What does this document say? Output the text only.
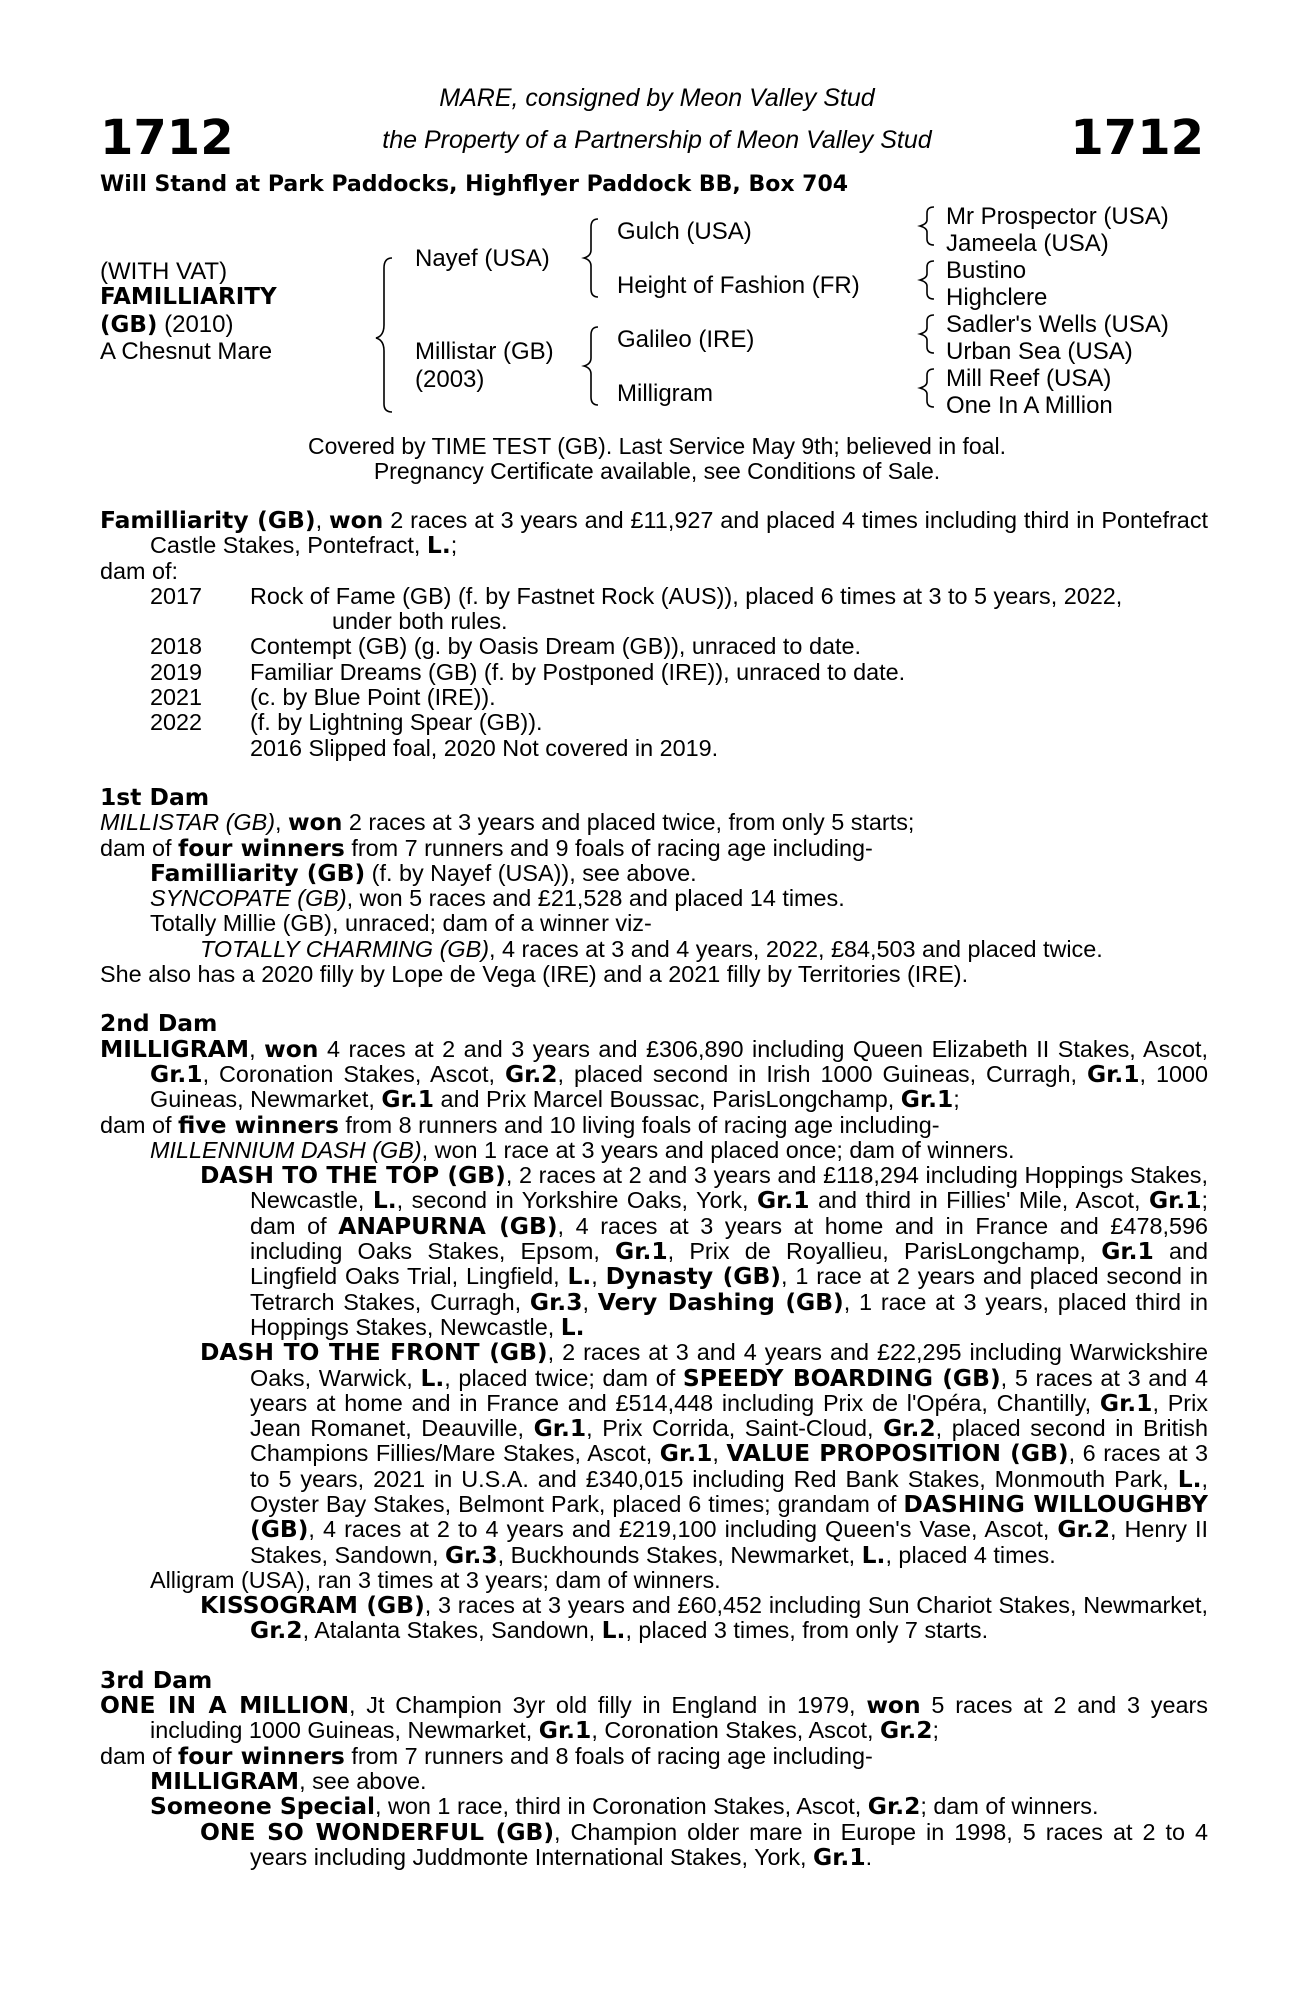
1712	1712
MARE, consigned by Meon Valley Stud
the Property of a Partnership of Meon Valley Stud
Will Stand at Park Paddocks, Highflyer Paddock BB, Box 704
(WITH VAT)
FAMILLIARITY
(GB) (2010)
A Chesnut Mare
Nayef (USA)
Millistar (GB)
(2003)
Gulch (USA)
Height of Fashion (FR)
Galileo (IRE)
Milligram
Mr Prospector (USA)
Jameela (USA)
Bustino
Highclere
Sadler's Wells (USA)
Urban Sea (USA)
Mill Reef (USA)
One In A Million
Covered by TIME TEST (GB). Last Service May 9th; believed in foal.
Pregnancy Certificate available, see Conditions of Sale.

Familliarity (GB), won 2 races at 3 years and £11,927 and placed 4 times including third in Pontefract Castle Stakes, Pontefract, L.;

dam of:

2017	Rock of Fame (GB) (f. by Fastnet Rock (AUS)), placed 6 times at 3 to 5 years, 2022,
under both rules.
2018	Contempt (GB) (g. by Oasis Dream (GB)), unraced to date.
2019	Familiar Dreams (GB) (f. by Postponed (IRE)), unraced to date.
2021	(c. by Blue Point (IRE)).
2022	(f. by Lightning Spear (GB)).
2016 Slipped foal, 2020 Not covered in 2019.

1st Dam

MILLISTAR (GB), won 2 races at 3 years and placed twice, from only 5 starts;

dam of four winners from 7 runners and 9 foals of racing age including-

Familliarity (GB) (f. by Nayef (USA)), see above.

SYNCOPATE (GB), won 5 races and £21,528 and placed 14 times.

Totally Millie (GB), unraced; dam of a winner viz-

TOTALLY CHARMING (GB), 4 races at 3 and 4 years, 2022, £84,503 and placed twice.

She also has a 2020 filly by Lope de Vega (IRE) and a 2021 filly by Territories (IRE).

2nd Dam

MILLIGRAM, won 4 races at 2 and 3 years and £306,890 including Queen Elizabeth II Stakes, Ascot, Gr.1, Coronation Stakes, Ascot, Gr.2, placed second in Irish 1000 Guineas, Curragh, Gr.1, 1000 Guineas, Newmarket, Gr.1 and Prix Marcel Boussac, ParisLongchamp, Gr.1;

dam of five winners from 8 runners and 10 living foals of racing age including-

MILLENNIUM DASH (GB), won 1 race at 3 years and placed once; dam of winners.

DASH TO THE TOP (GB), 2 races at 2 and 3 years and £118,294 including Hoppings Stakes, Newcastle, L., second in Yorkshire Oaks, York, Gr.1 and third in Fillies' Mile, Ascot, Gr.1; dam of ANAPURNA (GB), 4 races at 3 years at home and in France and £478,596 including Oaks Stakes, Epsom, Gr.1, Prix de Royallieu, ParisLongchamp, Gr.1 and Lingfield Oaks Trial, Lingfield, L., Dynasty (GB), 1 race at 2 years and placed second in Tetrarch Stakes, Curragh, Gr.3, Very Dashing (GB), 1 race at 3 years, placed third in Hoppings Stakes, Newcastle, L.

DASH TO THE FRONT (GB), 2 races at 3 and 4 years and £22,295 including Warwickshire Oaks, Warwick, L., placed twice; dam of SPEEDY BOARDING (GB), 5 races at 3 and 4 years at home and in France and £514,448 including Prix de l'Opéra, Chantilly, Gr.1, Prix Jean Romanet, Deauville, Gr.1, Prix Corrida, Saint-Cloud, Gr.2, placed second in British Champions Fillies/Mare Stakes, Ascot, Gr.1, VALUE PROPOSITION (GB), 6 races at 3 to 5 years, 2021 in U.S.A. and £340,015 including Red Bank Stakes, Monmouth Park, L., Oyster Bay Stakes, Belmont Park, placed 6 times; grandam of DASHING WILLOUGHBY (GB), 4 races at 2 to 4 years and £219,100 including Queen's Vase, Ascot, Gr.2, Henry II Stakes, Sandown, Gr.3, Buckhounds Stakes, Newmarket, L., placed 4 times.

Alligram (USA), ran 3 times at 3 years; dam of winners.

KISSOGRAM (GB), 3 races at 3 years and £60,452 including Sun Chariot Stakes, Newmarket, Gr.2, Atalanta Stakes, Sandown, L., placed 3 times, from only 7 starts.

3rd Dam

ONE IN A MILLION, Jt Champion 3yr old filly in England in 1979, won 5 races at 2 and 3 years including 1000 Guineas, Newmarket, Gr.1, Coronation Stakes, Ascot, Gr.2;

dam of four winners from 7 runners and 8 foals of racing age including-

MILLIGRAM, see above.

Someone Special, won 1 race, third in Coronation Stakes, Ascot, Gr.2; dam of winners.

ONE SO WONDERFUL (GB), Champion older mare in Europe in 1998, 5 races at 2 to 4 years including Juddmonte International Stakes, York, Gr.1.
